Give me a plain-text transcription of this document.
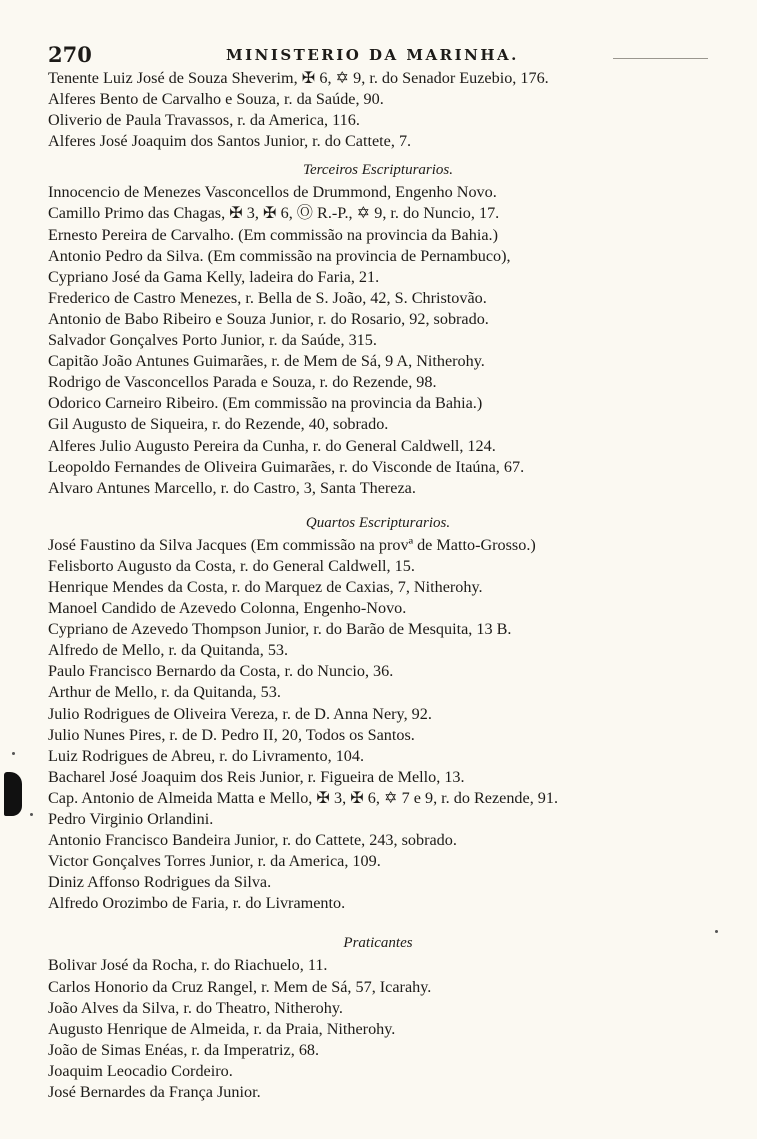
270	MINISTERIO DA MARINHA.
Tenente Luiz José de Souza Sheverim, ✠ 6, ✡ 9, r. do Senador Euzebio, 176.
Alferes Bento de Carvalho e Souza, r. da Saúde, 90.
Oliverio de Paula Travassos, r. da America, 116.
Alferes José Joaquim dos Santos Junior, r. do Cattete, 7.
Terceiros Escripturarios.
Innocencio de Menezes Vasconcellos de Drummond, Engenho Novo.
Camillo Primo das Chagas, ✠ 3, ✠ 6, Ⓞ R.-P., ✡ 9, r. do Nuncio, 17.
Ernesto Pereira de Carvalho. (Em commissão na provincia da Bahia.)
Antonio Pedro da Silva. (Em commissão na provincia de Pernambuco),
Cypriano José da Gama Kelly, ladeira do Faria, 21.
Frederico de Castro Menezes, r. Bella de S. João, 42, S. Christovão.
Antonio de Babo Ribeiro e Souza Junior, r. do Rosario, 92, sobrado.
Salvador Gonçalves Porto Junior, r. da Saúde, 315.
Capitão João Antunes Guimarães, r. de Mem de Sá, 9 A, Nitherohy.
Rodrigo de Vasconcellos Parada e Souza, r. do Rezende, 98.
Odorico Carneiro Ribeiro. (Em commissão na provincia da Bahia.)
Gil Augusto de Siqueira, r. do Rezende, 40, sobrado.
Alferes Julio Augusto Pereira da Cunha, r. do General Caldwell, 124.
Leopoldo Fernandes de Oliveira Guimarães, r. do Visconde de Itaúna, 67.
Alvaro Antunes Marcello, r. do Castro, 3, Santa Thereza.
Quartos Escripturarios.
José Faustino da Silva Jacques (Em commissão na provª de Matto-Grosso.)
Felisborto Augusto da Costa, r. do General Caldwell, 15.
Henrique Mendes da Costa, r. do Marquez de Caxias, 7, Nitherohy.
Manoel Candido de Azevedo Colonna, Engenho-Novo.
Cypriano de Azevedo Thompson Junior, r. do Barão de Mesquita, 13 B.
Alfredo de Mello, r. da Quitanda, 53.
Paulo Francisco Bernardo da Costa, r. do Nuncio, 36.
Arthur de Mello, r. da Quitanda, 53.
Julio Rodrigues de Oliveira Vereza, r. de D. Anna Nery, 92.
Julio Nunes Pires, r. de D. Pedro II, 20, Todos os Santos.
Luiz Rodrigues de Abreu, r. do Livramento, 104.
Bacharel José Joaquim dos Reis Junior, r. Figueira de Mello, 13.
Cap. Antonio de Almeida Matta e Mello, ✠ 3, ✠ 6, ✡ 7 e 9, r. do Rezende, 91.
Pedro Virginio Orlandini.
Antonio Francisco Bandeira Junior, r. do Cattete, 243, sobrado.
Victor Gonçalves Torres Junior, r. da America, 109.
Diniz Affonso Rodrigues da Silva.
Alfredo Orozimbo de Faria, r. do Livramento.
Praticantes
Bolivar José da Rocha, r. do Riachuelo, 11.
Carlos Honorio da Cruz Rangel, r. Mem de Sá, 57, Icarahy.
João Alves da Silva, r. do Theatro, Nitherohy.
Augusto Henrique de Almeida, r. da Praia, Nitherohy.
João de Simas Enéas, r. da Imperatriz, 68.
Joaquim Leocadio Cordeiro.
José Bernardes da França Junior.
